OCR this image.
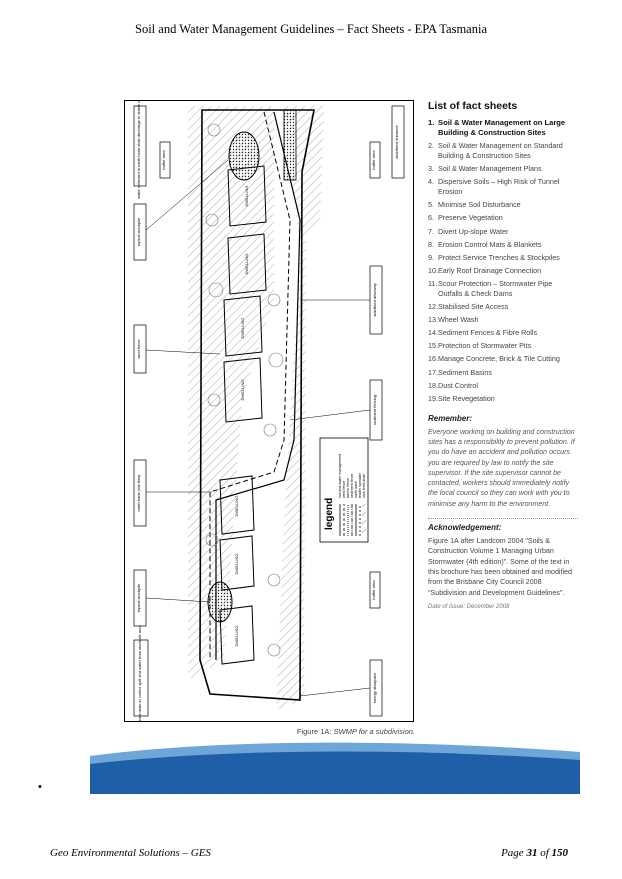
Soil and Water Management Guidelines – Fact Sheets - EPA Tasmania
DWELLING
DWELLING
DWELLING
DWELLING
DWELLING
DWELLING
DWELLING
water collected in earth bank shall discharge to stable outlet	buffer area
topsoil stockpile
wind fence
earth bank (low flow)
topsoil stockpile
rock lined drain to collect spill and water from stockpile area
stabilised entrance
buffer area
stabilised driveway
sediment fencing
buffer area
energy dissipater
legend
soil and water management wind fence barrier fence sediment fence earth bank leader spreader rock lined drain
Figure 1A: SWMP for a subdivision.
List of fact sheets
1. Soil & Water Management on Large Building & Construction Sites
2. Soil & Water Management on Standard Building & Construction Sites
3. Soil & Water Management Plans
4. Dispersive Soils – High Risk of Tunnel Erosion
5. Minimise Soil Disturbance
6. Preserve Vegetation
7. Divert Up-slope Water
8. Erosion Control Mats & Blankets
9. Protect Service Trenches & Stockpiles
10. Early Roof Drainage Connection
11. Scour Protection – Stormwater Pipe Outfalls & Check Dams
12. Stabilised Site Access
13. Wheel Wash
14. Sediment Fences & Fibre Rolls
15. Protection of Stormwater Pits
16. Manage Concrete, Brick & Tile Cutting
17. Sediment Basins
18. Dust Control
19. Site Revegetation
Remember:

Everyone working on building and construction sites has a responsibility to prevent pollution. If you do have an accident and pollution occurs you are required by law to notify the site supervisor. If the site supervisor cannot be contacted, workers should immediately notify the local council so they can work with you to minimise any harm to the environment.

Acknowledgement:

Figure 1A after Landcom 2004 "Soils & Construction Volume 1 Managing Urban Stormwater (4th edition)". Some of the text in this brochure has been obtained and modified from the Brisbane City Council 2008 "Subdivision and Development Guidelines".

Date of Issue: December 2008
•
Geo Environmental Solutions – GES	Page 31 of 150
